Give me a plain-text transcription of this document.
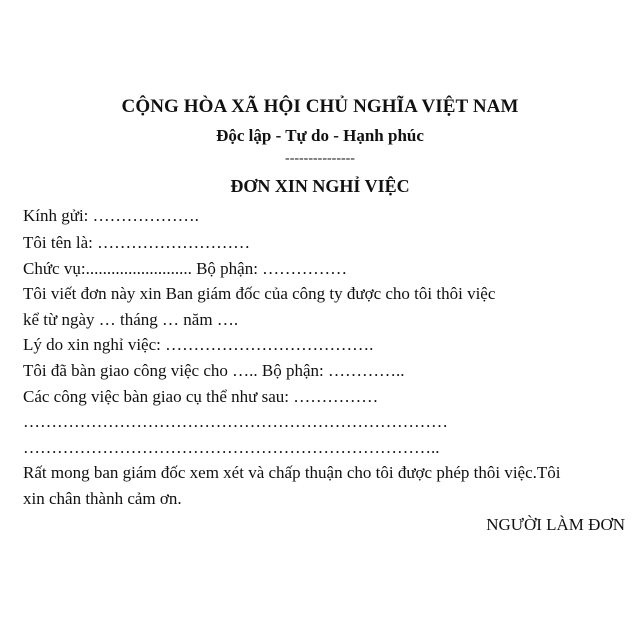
CỘNG HÒA XÃ HỘI CHỦ NGHĨA VIỆT NAM
Độc lập - Tự do - Hạnh phúc
---------------
ĐƠN XIN NGHỈ VIỆC
Kính gửi: ……………….
Tôi tên là: ………………………
Chức vụ:......................... Bộ phận: ……………
Tôi viết đơn này xin Ban giám đốc của công ty được cho tôi thôi việc
kể từ ngày … tháng … năm ….
Lý do xin nghỉ việc: ……………………………….
Tôi đã bàn giao công việc cho ….. Bộ phận: …………..
Các công việc bàn giao cụ thể như sau: ……………
…………………………………………………………………
………………………………………………………………..
Rất mong ban giám đốc xem xét và chấp thuận cho tôi được phép thôi việc.Tôi
xin chân thành cảm ơn.
NGƯỜI LÀM ĐƠN
